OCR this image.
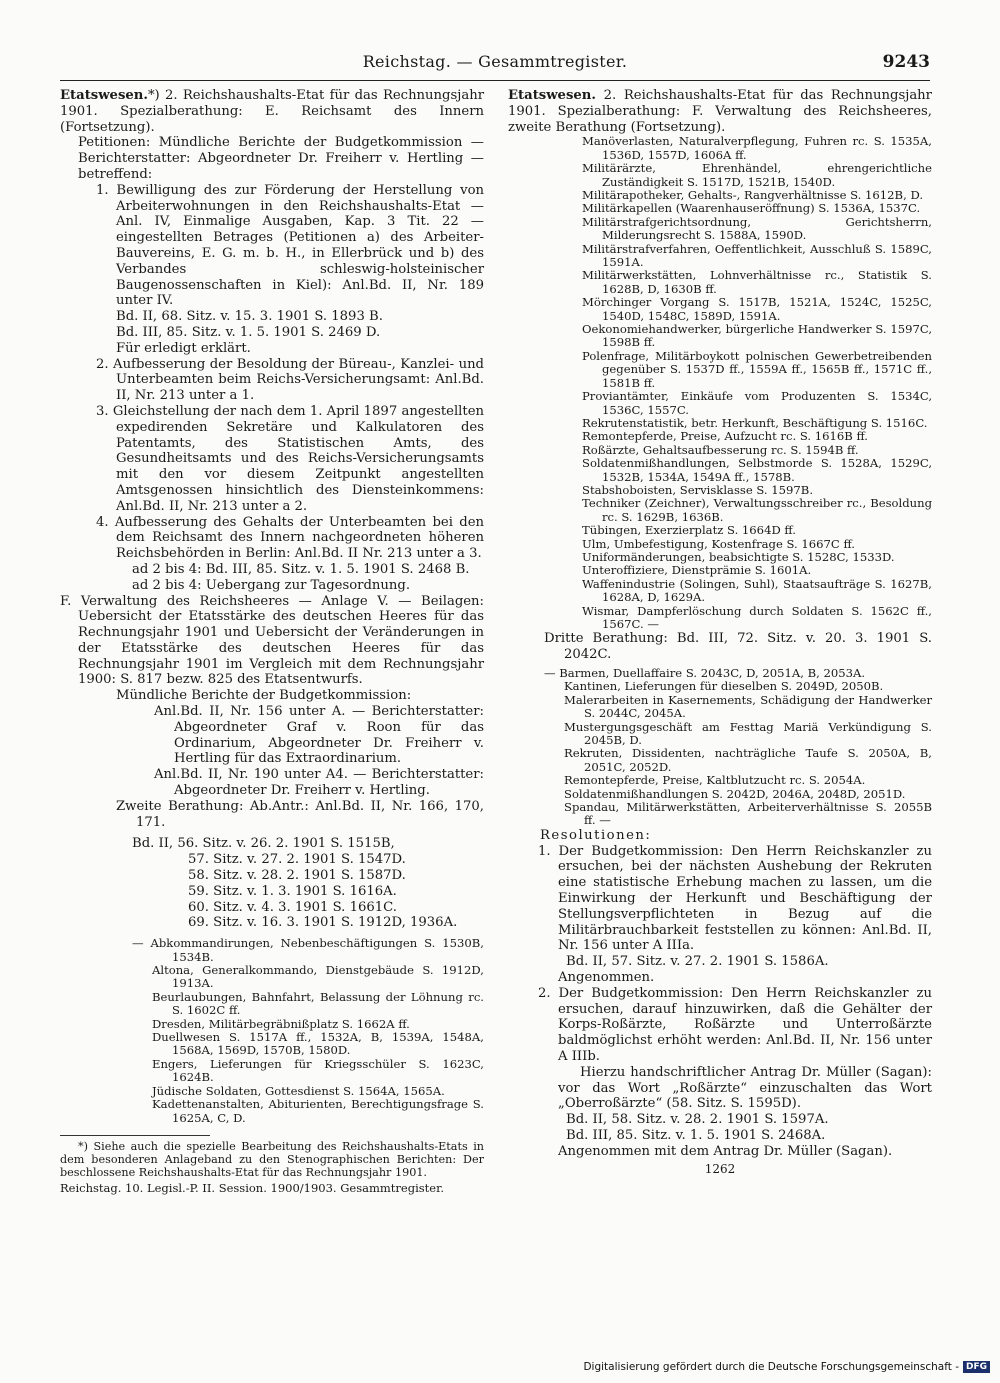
Reichstag. — Gesammtregister.	9243

Etatswesen.*) 2. Reichshaushalts-Etat für das Rechnungsjahr 1901. Spezialberathung: E. Reichsamt des Innern (Fortsetzung).

Petitionen: Mündliche Berichte der Budgetkommission — Berichterstatter: Abgeordneter Dr. Freiherr v. Hertling — betreffend:

1. Bewilligung des zur Förderung der Herstellung von Arbeiterwohnungen in den Reichshaushalts-Etat — Anl. IV, Einmalige Ausgaben, Kap. 3 Tit. 22 — eingestellten Betrages (Petitionen a) des Arbeiter-Bauvereins, E. G. m. b. H., in Ellerbrück und b) des Verbandes schleswig-holsteinischer Baugenossenschaften in Kiel): Anl.Bd. II, Nr. 189 unter IV.

Bd. II, 68. Sitz. v. 15. 3. 1901 S. 1893 B.

Bd. III, 85. Sitz. v. 1. 5. 1901 S. 2469 D.

Für erledigt erklärt.

2. Aufbesserung der Besoldung der Büreau-, Kanzlei- und Unterbeamten beim Reichs-Versicherungsamt: Anl.Bd. II, Nr. 213 unter a 1.

3. Gleichstellung der nach dem 1. April 1897 angestellten expedirenden Sekretäre und Kalkulatoren des Patentamts, des Statistischen Amts, des Gesundheitsamts und des Reichs-Versicherungsamts mit den vor diesem Zeitpunkt angestellten Amtsgenossen hinsichtlich des Diensteinkommens: Anl.Bd. II, Nr. 213 unter a 2.

4. Aufbesserung des Gehalts der Unterbeamten bei den dem Reichsamt des Innern nachgeordneten höheren Reichsbehörden in Berlin: Anl.Bd. II Nr. 213 unter a 3.

ad 2 bis 4: Bd. III, 85. Sitz. v. 1. 5. 1901 S. 2468 B.

ad 2 bis 4: Uebergang zur Tagesordnung.

F. Verwaltung des Reichsheeres — Anlage V. — Beilagen: Uebersicht der Etatsstärke des deutschen Heeres für das Rechnungsjahr 1901 und Uebersicht der Veränderungen in der Etatsstärke des deutschen Heeres für das Rechnungsjahr 1901 im Vergleich mit dem Rechnungsjahr 1900: S. 817 bezw. 825 des Etatsentwurfs.

Mündliche Berichte der Budgetkommission:

Anl.Bd. II, Nr. 156 unter A. — Berichterstatter: Abgeordneter Graf v. Roon für das Ordinarium, Abgeordneter Dr. Freiherr v. Hertling für das Extraordinarium.

Anl.Bd. II, Nr. 190 unter A4. — Berichterstatter: Abgeordneter Dr. Freiherr v. Hertling.

Zweite Berathung: Ab.Antr.: Anl.Bd. II, Nr. 166, 170, 171.

Bd. II, 56. Sitz. v. 26. 2. 1901 S. 1515B,

57. Sitz. v. 27. 2. 1901 S. 1547D.

58. Sitz. v. 28. 2. 1901 S. 1587D.

59. Sitz. v. 1. 3. 1901 S. 1616A.

60. Sitz. v. 4. 3. 1901 S. 1661C.

69. Sitz. v. 16. 3. 1901 S. 1912D, 1936A.

— Abkommandirungen, Nebenbeschäftigungen S. 1530B, 1534B.

Altona, Generalkommando, Dienstgebäude S. 1912D, 1913A.

Beurlaubungen, Bahnfahrt, Belassung der Löhnung rc. S. 1602C ff.

Dresden, Militärbegräbnißplatz S. 1662A ff.

Duellwesen S. 1517A ff., 1532A, B, 1539A, 1548A, 1568A, 1569D, 1570B, 1580D.

Engers, Lieferungen für Kriegsschüler S. 1623C, 1624B.

Jüdische Soldaten, Gottesdienst S. 1564A, 1565A.

Kadettenanstalten, Abiturienten, Berechtigungsfrage S. 1625A, C, D.

*) Siehe auch die spezielle Bearbeitung des Reichshaushalts-Etats in dem besonderen Anlageband zu den Stenographischen Berichten: Der beschlossene Reichshaushalts-Etat für das Rechnungsjahr 1901.

Reichstag. 10. Legisl.-P. II. Session. 1900/1903. Gesammtregister.

Etatswesen. 2. Reichshaushalts-Etat für das Rechnungsjahr 1901. Spezialberathung: F. Verwaltung des Reichsheeres, zweite Berathung (Fortsetzung).

Manöverlasten, Naturalverpflegung, Fuhren rc. S. 1535A, 1536D, 1557D, 1606A ff.

Militärärzte, Ehrenhändel, ehrengerichtliche Zuständigkeit S. 1517D, 1521B, 1540D.

Militärapotheker, Gehalts-, Rangverhältnisse S. 1612B, D.

Militärkapellen (Waarenhauseröffnung) S. 1536A, 1537C.

Militärstrafgerichtsordnung, Gerichtsherrn, Milderungsrecht S. 1588A, 1590D.

Militärstrafverfahren, Oeffentlichkeit, Ausschluß S. 1589C, 1591A.

Militärwerkstätten, Lohnverhältnisse rc., Statistik S. 1628B, D, 1630B ff.

Mörchinger Vorgang S. 1517B, 1521A, 1524C, 1525C, 1540D, 1548C, 1589D, 1591A.

Oekonomiehandwerker, bürgerliche Handwerker S. 1597C, 1598B ff.

Polenfrage, Militärboykott polnischen Gewerbetreibenden gegenüber S. 1537D ff., 1559A ff., 1565B ff., 1571C ff., 1581B ff.

Proviantämter, Einkäufe vom Produzenten S. 1534C, 1536C, 1557C.

Rekrutenstatistik, betr. Herkunft, Beschäftigung S. 1516C.

Remontepferde, Preise, Aufzucht rc. S. 1616B ff.

Roßärzte, Gehaltsaufbesserung rc. S. 1594B ff.

Soldatenmißhandlungen, Selbstmorde S. 1528A, 1529C, 1532B, 1534A, 1549A ff., 1578B.

Stabshoboisten, Servisklasse S. 1597B.

Techniker (Zeichner), Verwaltungsschreiber rc., Besoldung rc. S. 1629B, 1636B.

Tübingen, Exerzierplatz S. 1664D ff.

Ulm, Umbefestigung, Kostenfrage S. 1667C ff.

Uniformänderungen, beabsichtigte S. 1528C, 1533D.

Unteroffiziere, Dienstprämie S. 1601A.

Waffenindustrie (Solingen, Suhl), Staatsaufträge S. 1627B, 1628A, D, 1629A.

Wismar, Dampferlöschung durch Soldaten S. 1562C ff., 1567C. —

Dritte Berathung: Bd. III, 72. Sitz. v. 20. 3. 1901 S. 2042C.

— Barmen, Duellaffaire S. 2043C, D, 2051A, B, 2053A.

Kantinen, Lieferungen für dieselben S. 2049D, 2050B.

Malerarbeiten in Kasernements, Schädigung der Handwerker S. 2044C, 2045A.

Mustergungsgeschäft am Festtag Mariä Verkündigung S. 2045B, D.

Rekruten, Dissidenten, nachträgliche Taufe S. 2050A, B, 2051C, 2052D.

Remontepferde, Preise, Kaltblutzucht rc. S. 2054A.

Soldatenmißhandlungen S. 2042D, 2046A, 2048D, 2051D.

Spandau, Militärwerkstätten, Arbeiterverhältnisse S. 2055B ff. —

Resolutionen:

1. Der Budgetkommission: Den Herrn Reichskanzler zu ersuchen, bei der nächsten Aushebung der Rekruten eine statistische Erhebung machen zu lassen, um die Einwirkung der Herkunft und Beschäftigung der Stellungsverpflichteten in Bezug auf die Militärbrauchbarkeit feststellen zu können: Anl.Bd. II, Nr. 156 unter A IIIa.

Bd. II, 57. Sitz. v. 27. 2. 1901 S. 1586A.

Angenommen.

2. Der Budgetkommission: Den Herrn Reichskanzler zu ersuchen, darauf hinzuwirken, daß die Gehälter der Korps-Roßärzte, Roßärzte und Unterroßärzte baldmöglichst erhöht werden: Anl.Bd. II, Nr. 156 unter A IIIb.

Hierzu handschriftlicher Antrag Dr. Müller (Sagan): vor das Wort „Roßärzte“ einzuschalten das Wort „Oberroßärzte“ (58. Sitz. S. 1595D).

Bd. II, 58. Sitz. v. 28. 2. 1901 S. 1597A.

Bd. III, 85. Sitz. v. 1. 5. 1901 S. 2468A.

Angenommen mit dem Antrag Dr. Müller (Sagan).

1262
Digitalisierung gefördert durch die Deutsche Forschungsgemeinschaft - DFG
